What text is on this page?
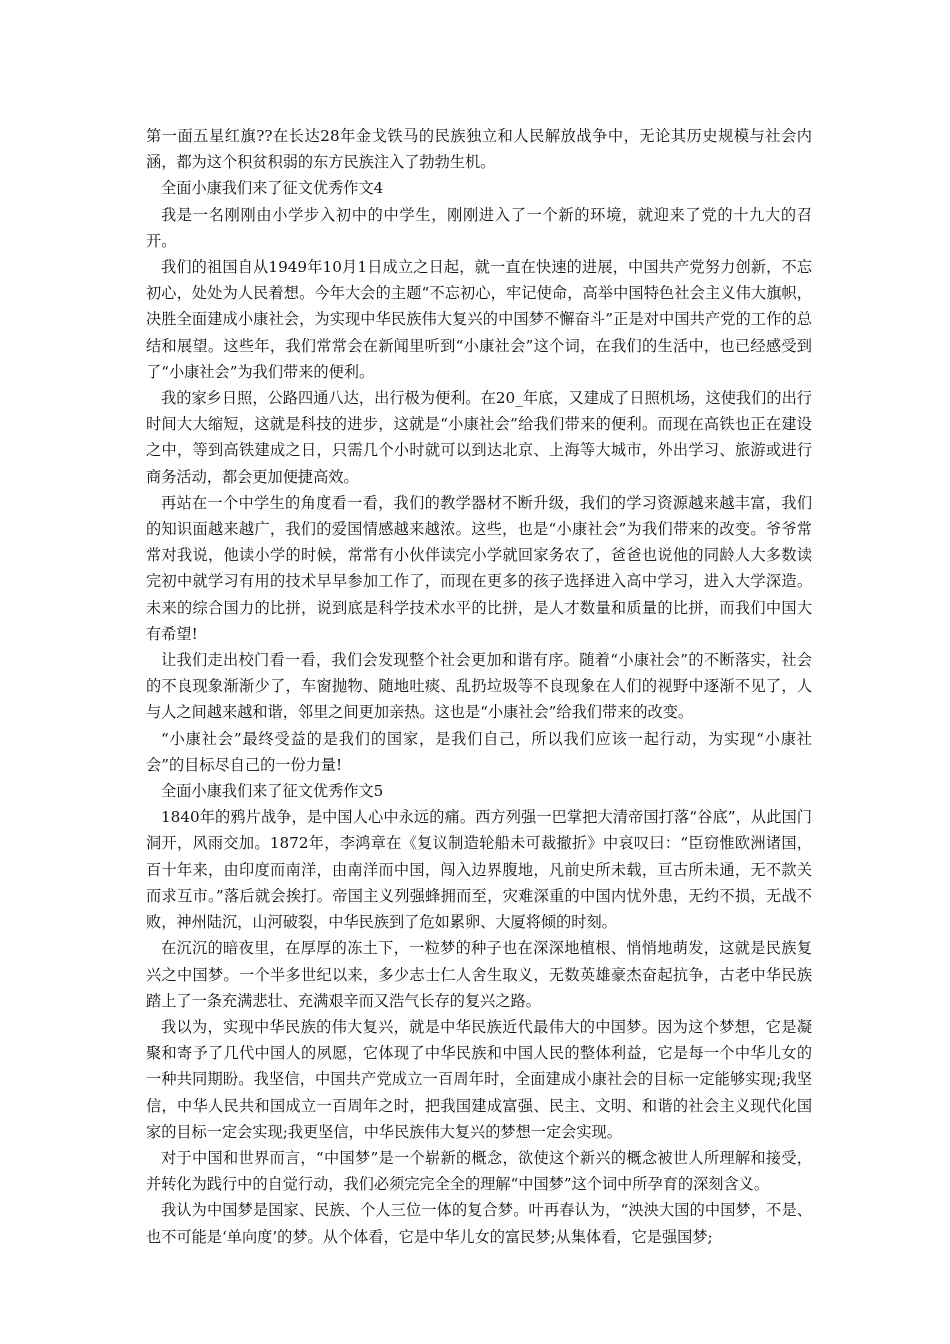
第一面五星红旗??在长达28年金戈铁马的民族独立和人民解放战争中，无论其历史规模与社会内涵，都为这个积贫积弱的东方民族注入了勃勃生机。

全面小康我们来了征文优秀作文4

我是一名刚刚由小学步入初中的中学生，刚刚进入了一个新的环境，就迎来了党的十九大的召开。

我们的祖国自从1949年10月1日成立之日起，就一直在快速的进展，中国共产党努力创新，不忘初心，处处为人民着想。今年大会的主题“不忘初心，牢记使命，高举中国特色社会主义伟大旗帜，决胜全面建成小康社会，为实现中华民族伟大复兴的中国梦不懈奋斗”正是对中国共产党的工作的总结和展望。这些年，我们常常会在新闻里听到“小康社会”这个词，在我们的生活中，也已经感受到了“小康社会”为我们带来的便利。

我的家乡日照，公路四通八达，出行极为便利。在20_年底，又建成了日照机场，这使我们的出行时间大大缩短，这就是科技的进步，这就是“小康社会”给我们带来的便利。而现在高铁也正在建设之中，等到高铁建成之日，只需几个小时就可以到达北京、上海等大城市，外出学习、旅游或进行商务活动，都会更加便捷高效。

再站在一个中学生的角度看一看，我们的教学器材不断升级，我们的学习资源越来越丰富，我们的知识面越来越广，我们的爱国情感越来越浓。这些，也是“小康社会”为我们带来的改变。爷爷常常对我说，他读小学的时候，常常有小伙伴读完小学就回家务农了，爸爸也说他的同龄人大多数读完初中就学习有用的技术早早参加工作了，而现在更多的孩子选择进入高中学习，进入大学深造。未来的综合国力的比拼，说到底是科学技术水平的比拼，是人才数量和质量的比拼，而我们中国大有希望!

让我们走出校门看一看，我们会发现整个社会更加和谐有序。随着“小康社会”的不断落实，社会的不良现象渐渐少了，车窗抛物、随地吐痰、乱扔垃圾等不良现象在人们的视野中逐渐不见了，人与人之间越来越和谐，邻里之间更加亲热。这也是“小康社会”给我们带来的改变。

“小康社会”最终受益的是我们的国家，是我们自己，所以我们应该一起行动，为实现“小康社会”的目标尽自己的一份力量!

全面小康我们来了征文优秀作文5

1840年的鸦片战争，是中国人心中永远的痛。西方列强一巴掌把大清帝国打落“谷底”，从此国门洞开，风雨交加。1872年，李鸿章在《复议制造轮船未可裁撤折》中哀叹曰：“臣窃惟欧洲诸国，百十年来，由印度而南洋，由南洋而中国，闯入边界腹地，凡前史所未载，亘古所未通，无不款关而求互市。”落后就会挨打。帝国主义列强蜂拥而至，灾难深重的中国内忧外患，无约不损，无战不败，神州陆沉，山河破裂，中华民族到了危如累卵、大厦将倾的时刻。

在沉沉的暗夜里，在厚厚的冻土下，一粒梦的种子也在深深地植根、悄悄地萌发，这就是民族复兴之中国梦。一个半多世纪以来，多少志士仁人舍生取义，无数英雄豪杰奋起抗争，古老中华民族踏上了一条充满悲壮、充满艰辛而又浩气长存的复兴之路。

我以为，实现中华民族的伟大复兴，就是中华民族近代最伟大的中国梦。因为这个梦想，它是凝聚和寄予了几代中国人的夙愿，它体现了中华民族和中国人民的整体利益，它是每一个中华儿女的一种共同期盼。我坚信，中国共产党成立一百周年时，全面建成小康社会的目标一定能够实现;我坚信，中华人民共和国成立一百周年之时，把我国建成富强、民主、文明、和谐的社会主义现代化国家的目标一定会实现;我更坚信，中华民族伟大复兴的梦想一定会实现。

对于中国和世界而言，“中国梦”是一个崭新的概念，欲使这个新兴的概念被世人所理解和接受，并转化为践行中的自觉行动，我们必须完完全全的理解“中国梦”这个词中所孕育的深刻含义。

我认为中国梦是国家、民族、个人三位一体的复合梦。叶再春认为，“泱泱大国的中国梦，不是、也不可能是‘单向度’的梦。从个体看，它是中华儿女的富民梦;从集体看，它是强国梦;
